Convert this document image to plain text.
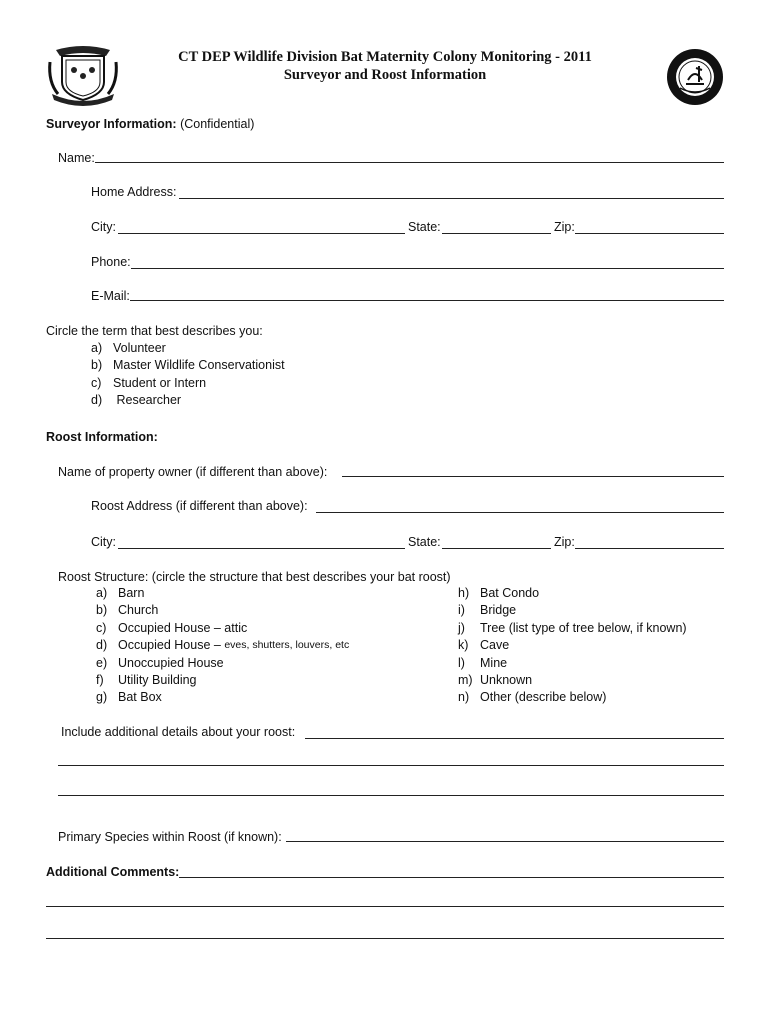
CT DEP Wildlife Division Bat Maternity Colony Monitoring - 2011
Surveyor and Roost Information
Surveyor Information: (Confidential)
Name:
Home Address:
City:	State:	Zip:
Phone:
E-Mail:
Circle the term that best describes you:
a) Volunteer
b) Master Wildlife Conservationist
c) Student or Intern
d) Researcher
Roost Information:
Name of property owner (if different than above):
Roost Address (if different than above):
City:	State:	Zip:
Roost Structure: (circle the structure that best describes your bat roost)
a) Barn
b) Church
c) Occupied House – attic
d) Occupied House – eves, shutters, louvers, etc
e) Unoccupied House
f)	Utility Building
g) Bat Box
h) Bat Condo
i)	Bridge
j)	Tree (list type of tree below, if known)
k) Cave
l)	Mine
m) Unknown
n) Other (describe below)
Include additional details about your roost:
Primary Species within Roost (if known):
Additional Comments:
